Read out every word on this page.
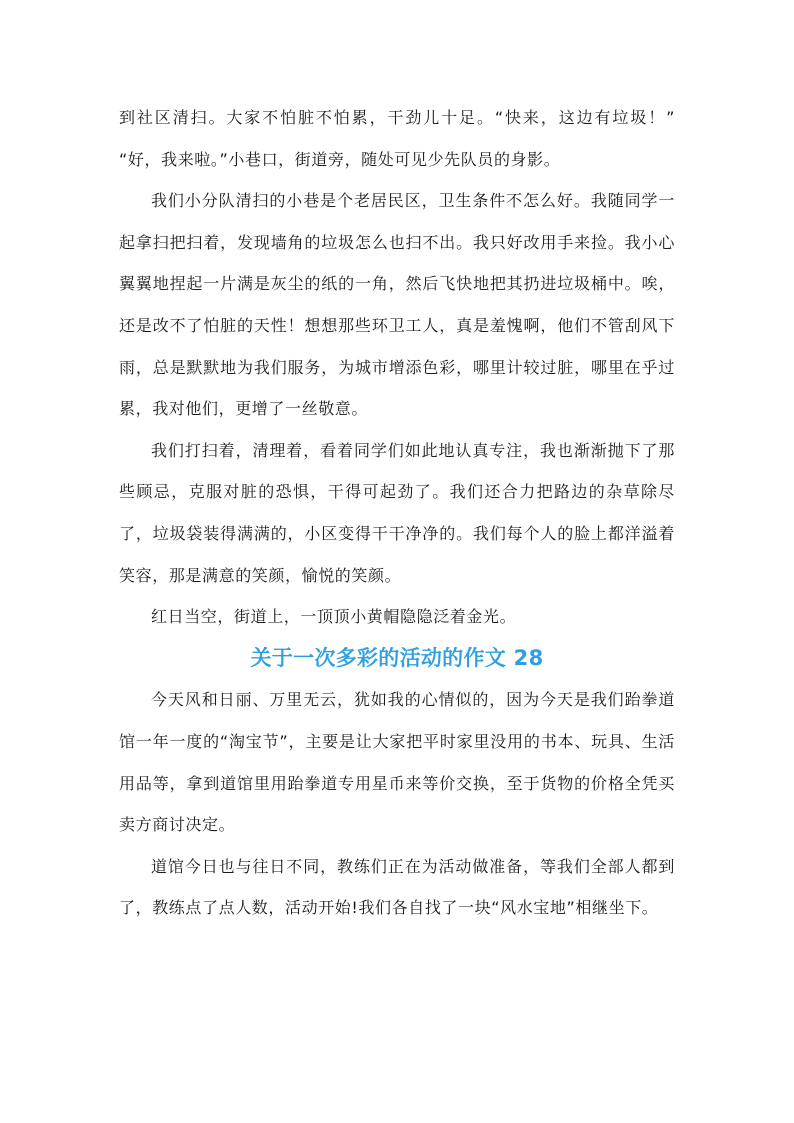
到社区清扫。大家不怕脏不怕累，干劲儿十足。“快来，这边有垃圾！” “好，我来啦。”小巷口，街道旁，随处可见少先队员的身影。

我们小分队清扫的小巷是个老居民区，卫生条件不怎么好。我随同学一起拿扫把扫着，发现墙角的垃圾怎么也扫不出。我只好改用手来捡。我小心翼翼地捏起一片满是灰尘的纸的一角，然后飞快地把其扔进垃圾桶中。唉，还是改不了怕脏的天性！想想那些环卫工人，真是羞愧啊，他们不管刮风下雨，总是默默地为我们服务，为城市增添色彩，哪里计较过脏，哪里在乎过累，我对他们，更增了一丝敬意。

我们打扫着，清理着，看着同学们如此地认真专注，我也渐渐抛下了那些顾忌，克服对脏的恐惧，干得可起劲了。我们还合力把路边的杂草除尽了，垃圾袋装得满满的，小区变得干干净净的。我们每个人的脸上都洋溢着笑容，那是满意的笑颜，愉悦的笑颜。

红日当空，街道上，一顶顶小黄帽隐隐泛着金光。

关于一次多彩的活动的作文 28

今天风和日丽、万里无云，犹如我的心情似的，因为今天是我们跆拳道馆一年一度的“淘宝节”，主要是让大家把平时家里没用的书本、玩具、生活用品等，拿到道馆里用跆拳道专用星币来等价交换，至于货物的价格全凭买卖方商讨决定。

道馆今日也与往日不同，教练们正在为活动做准备，等我们全部人都到了，教练点了点人数，活动开始!我们各自找了一块“风水宝地”相继坐下。
